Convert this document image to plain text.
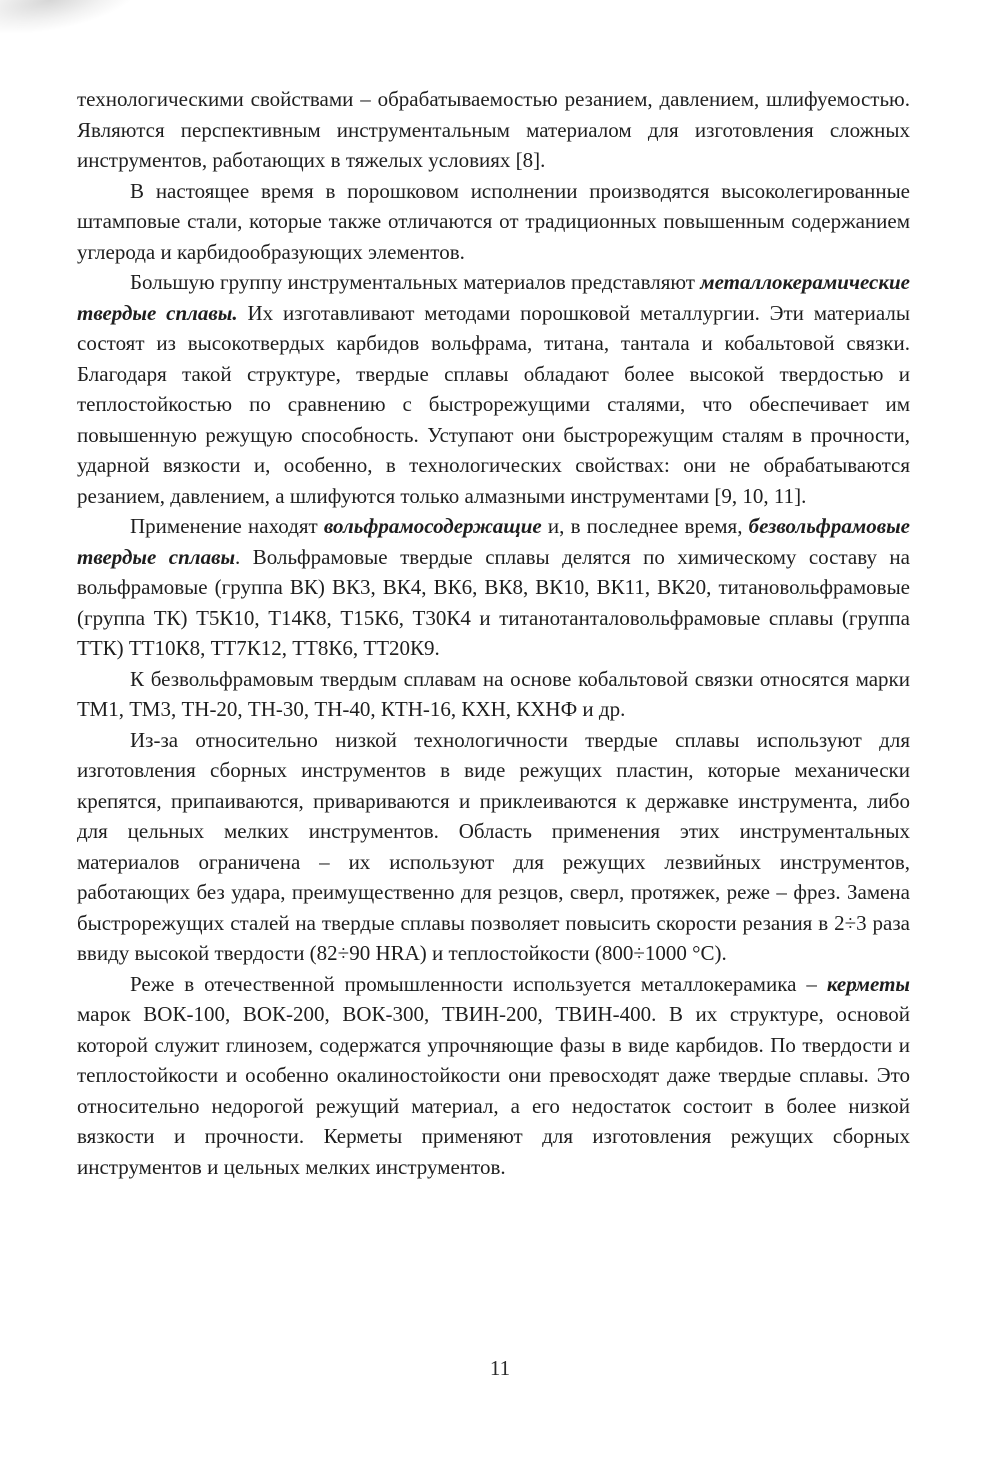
технологическими свойствами – обрабатываемостью резанием, давлением, шлифуемостью. Являются перспективным инструментальным материалом для изготовления сложных инструментов, работающих в тяжелых условиях [8].

В настоящее время в порошковом исполнении производятся высоколегированные штамповые стали, которые также отличаются от традиционных повышенным содержанием углерода и карбидообразующих элементов.

Большую группу инструментальных материалов представляют металлокерамические твердые сплавы. Их изготавливают методами порошковой металлургии. Эти материалы состоят из высокотвердых карбидов вольфрама, титана, тантала и кобальтовой связки. Благодаря такой структуре, твердые сплавы обладают более высокой твердостью и теплостойкостью по сравнению с быстрорежущими сталями, что обеспечивает им повышенную режущую способность. Уступают они быстрорежущим сталям в прочности, ударной вязкости и, особенно, в технологических свойствах: они не обрабатываются резанием, давлением, а шлифуются только алмазными инструментами [9, 10, 11].

Применение находят вольфрамосодержащие и, в последнее время, безвольфрамовые твердые сплавы. Вольфрамовые твердые сплавы делятся по химическому составу на вольфрамовые (группа ВК) ВК3, ВК4, ВК6, ВК8, ВК10, ВК11, ВК20, титановольфрамовые (группа ТК) Т5К10, Т14К8, Т15К6, Т30К4 и титанотанталовольфрамовые сплавы (группа ТТК) ТТ10К8, ТТ7К12, ТТ8К6, ТТ20К9.

К безвольфрамовым твердым сплавам на основе кобальтовой связки относятся марки ТМ1, ТМ3, ТН-20, ТН-30, ТН-40, КТН-16, КХН, КХНФ и др.

Из-за относительно низкой технологичности твердые сплавы используют для изготовления сборных инструментов в виде режущих пластин, которые механически крепятся, припаиваются, привариваются и приклеиваются к державке инструмента, либо для цельных мелких инструментов. Область применения этих инструментальных материалов ограничена – их используют для режущих лезвийных инструментов, работающих без удара, преимущественно для резцов, сверл, протяжек, реже – фрез. Замена быстрорежущих сталей на твердые сплавы позволяет повысить скорости резания в 2÷3 раза ввиду высокой твердости (82÷90 HRA) и теплостойкости (800÷1000 °С).

Реже в отечественной промышленности используется металлокерамика – керметы марок ВОК-100, ВОК-200, ВОК-300, ТВИН-200, ТВИН-400. В их структуре, основой которой служит глинозем, содержатся упрочняющие фазы в виде карбидов. По твердости и теплостойкости и особенно окалиностойкости они превосходят даже твердые сплавы. Это относительно недорогой режущий материал, а его недостаток состоит в более низкой вязкости и прочности. Керметы применяют для изготовления режущих сборных инструментов и цельных мелких инструментов.

11
